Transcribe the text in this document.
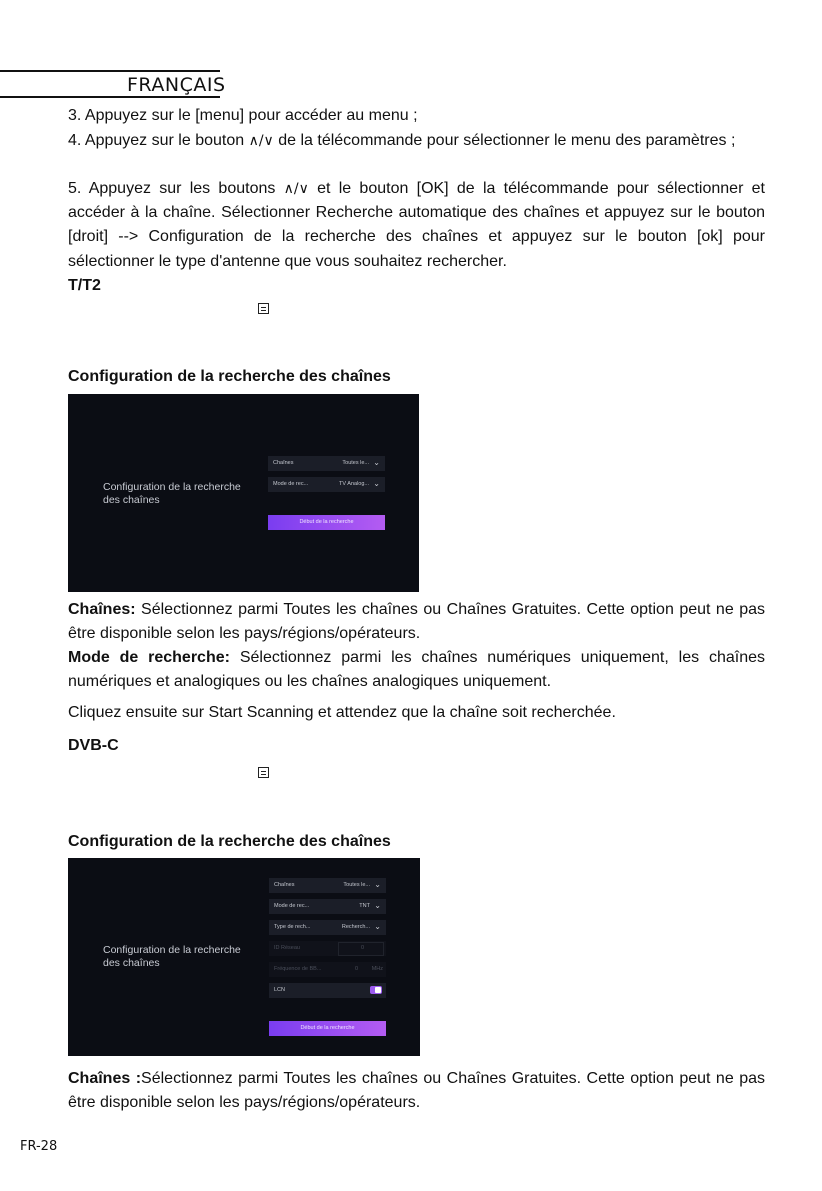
FRANÇAIS
3. Appuyez sur le [menu] pour accéder au menu ;
4. Appuyez sur le bouton ∧/∨ de la télécommande pour sélectionner le menu des paramètres ;
5. Appuyez sur les boutons ∧/∨ et le bouton [OK] de la télécommande pour sélectionner et accéder à la chaîne. Sélectionner Recherche automatique des chaînes et appuyez sur le bouton [droit] --> Configuration de la recherche des chaînes et appuyez sur le bouton [ok] pour sélectionner le type d'antenne que vous souhaitez rechercher.
T/T2
Configuration de la recherche des chaînes
Configuration de la recherche des chaînes
Chaînes	Toutes le... ⌄
Mode de rec...	TV Analog... ⌄
Début de la recherche
Chaînes: Sélectionnez parmi Toutes les chaînes ou Chaînes Gratuites. Cette option peut ne pas être disponible selon les pays/régions/opérateurs.
Mode de recherche: Sélectionnez parmi les chaînes numériques uniquement, les chaînes numériques et analogiques ou les chaînes analogiques uniquement.
Cliquez ensuite sur Start Scanning et attendez que la chaîne soit recherchée.
DVB-C
Configuration de la recherche des chaînes
Configuration de la recherche des chaînes
Chaînes	Toutes le... ⌄
Mode de rec...	TNT ⌄
Type de rech...	Recherch... ⌄
ID Réseau	0
Fréquence de BB...	0 MHz
LCN
Début de la recherche
Chaînes :Sélectionnez parmi Toutes les chaînes ou Chaînes Gratuites. Cette option peut ne pas être disponible selon les pays/régions/opérateurs.
FR-28
